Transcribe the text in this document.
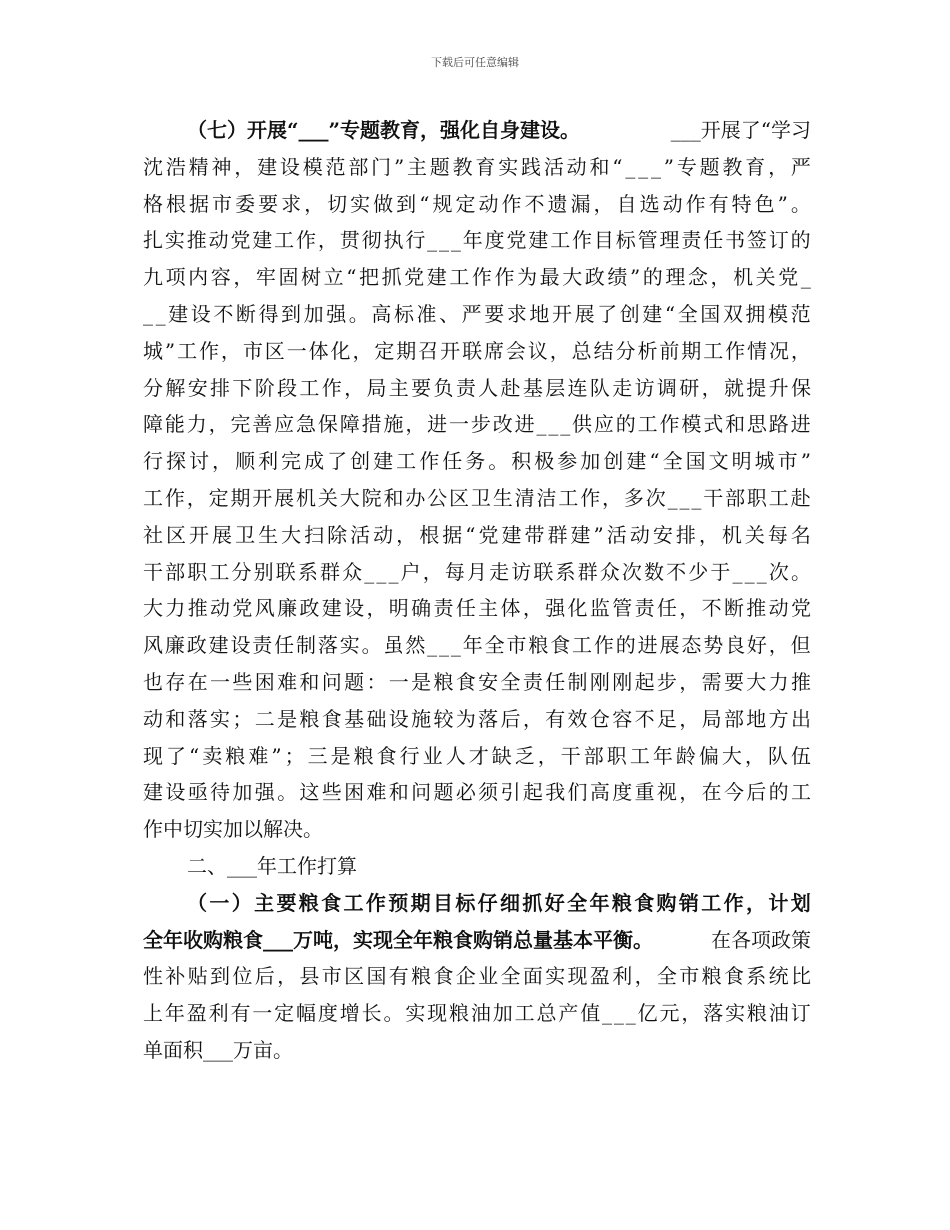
下载后可任意编辑
（七）开展“___”专题教育，强化自身建设。	___开展了“学习
沈 浩 精 神 ， 建 设 模 范 部 门 ” 主 题 教 育 实 践 活 动 和 “ _ _ _ ” 专 题 教 育 ， 严
格 根 据 市 委 要 求 ， 切 实 做 到 “ 规 定 动 作 不 遗 漏 ， 自 选 动 作 有 特 色 ” 。
扎 实 推 动 党 建 工 作 ， 贯 彻 执 行 _ _ _ 年 度 党 建 工 作 目 标 管 理 责 任 书 签 订 的
九 项 内 容 ， 牢 固 树 立 “ 把 抓 党 建 工 作 作 为 最 大 政 绩 ” 的 理 念 ， 机 关 党 _
_ _ 建 设 不 断 得 到 加 强 。 高 标 准 、 严 要 求 地 开 展 了 创 建 “ 全 国 双 拥 模 范
城 ” 工 作 ， 市 区 一 体 化 ， 定 期 召 开 联 席 会 议 ， 总 结 分 析 前 期 工 作 情 况 ，
分 解 安 排 下 阶 段 工 作 ， 局 主 要 负 责 人 赴 基 层 连 队 走 访 调 研 ， 就 提 升 保
障 能 力 ， 完 善 应 急 保 障 措 施 ， 进 一 步 改 进 _ _ _ 供 应 的 工 作 模 式 和 思 路 进
行 探 讨 ， 顺 利 完 成 了 创 建 工 作 任 务 。 积 极 参 加 创 建 “ 全 国 文 明 城 市 ”
工 作 ， 定 期 开 展 机 关 大 院 和 办 公 区 卫 生 清 洁 工 作 ， 多 次 _ _ _ 干 部 职 工 赴
社 区 开 展 卫 生 大 扫 除 活 动 ， 根 据 “ 党 建 带 群 建 ” 活 动 安 排 ， 机 关 每 名
干 部 职 工 分 别 联 系 群 众 _ _ _ 户 ， 每 月 走 访 联 系 群 众 次 数 不 少 于 _ _ _ 次 。
大 力 推 动 党 风 廉 政 建 设 ， 明 确 责 任 主 体 ， 强 化 监 管 责 任 ， 不 断 推 动 党
风 廉 政 建 设 责 任 制 落 实 。 虽 然 _ _ _ 年 全 市 粮 食 工 作 的 进 展 态 势 良 好 ， 但
也 存 在 一 些 困 难 和 问 题 ： 一 是 粮 食 安 全 责 任 制 刚 刚 起 步 ， 需 要 大 力 推
动 和 落 实 ； 二 是 粮 食 基 础 设 施 较 为 落 后 ， 有 效 仓 容 不 足 ， 局 部 地 方 出
现 了 “ 卖 粮 难 ” ； 三 是 粮 食 行 业 人 才 缺 乏 ， 干 部 职 工 年 龄 偏 大 ， 队 伍
建 设 亟 待 加 强 。 这 些 困 难 和 问 题 必 须 引 起 我 们 高 度 重 视 ， 在 今 后 的 工
作中切实加以解决。
二、___年工作打算
（ 一 ） 主 要 粮 食 工 作 预 期 目 标 仔 细 抓 好 全 年 粮 食 购 销 工 作 ， 计 划
全年收购粮食___万吨，实现全年粮食购销总量基本平衡。	在各项政策
性 补 贴 到 位 后 ， 县 市 区 国 有 粮 食 企 业 全 面 实 现 盈 利 ， 全 市 粮 食 系 统 比
上 年 盈 利 有 一 定 幅 度 增 长 。 实 现 粮 油 加 工 总 产 值 _ _ _ 亿 元 ， 落 实 粮 油 订
单面积___万亩。
